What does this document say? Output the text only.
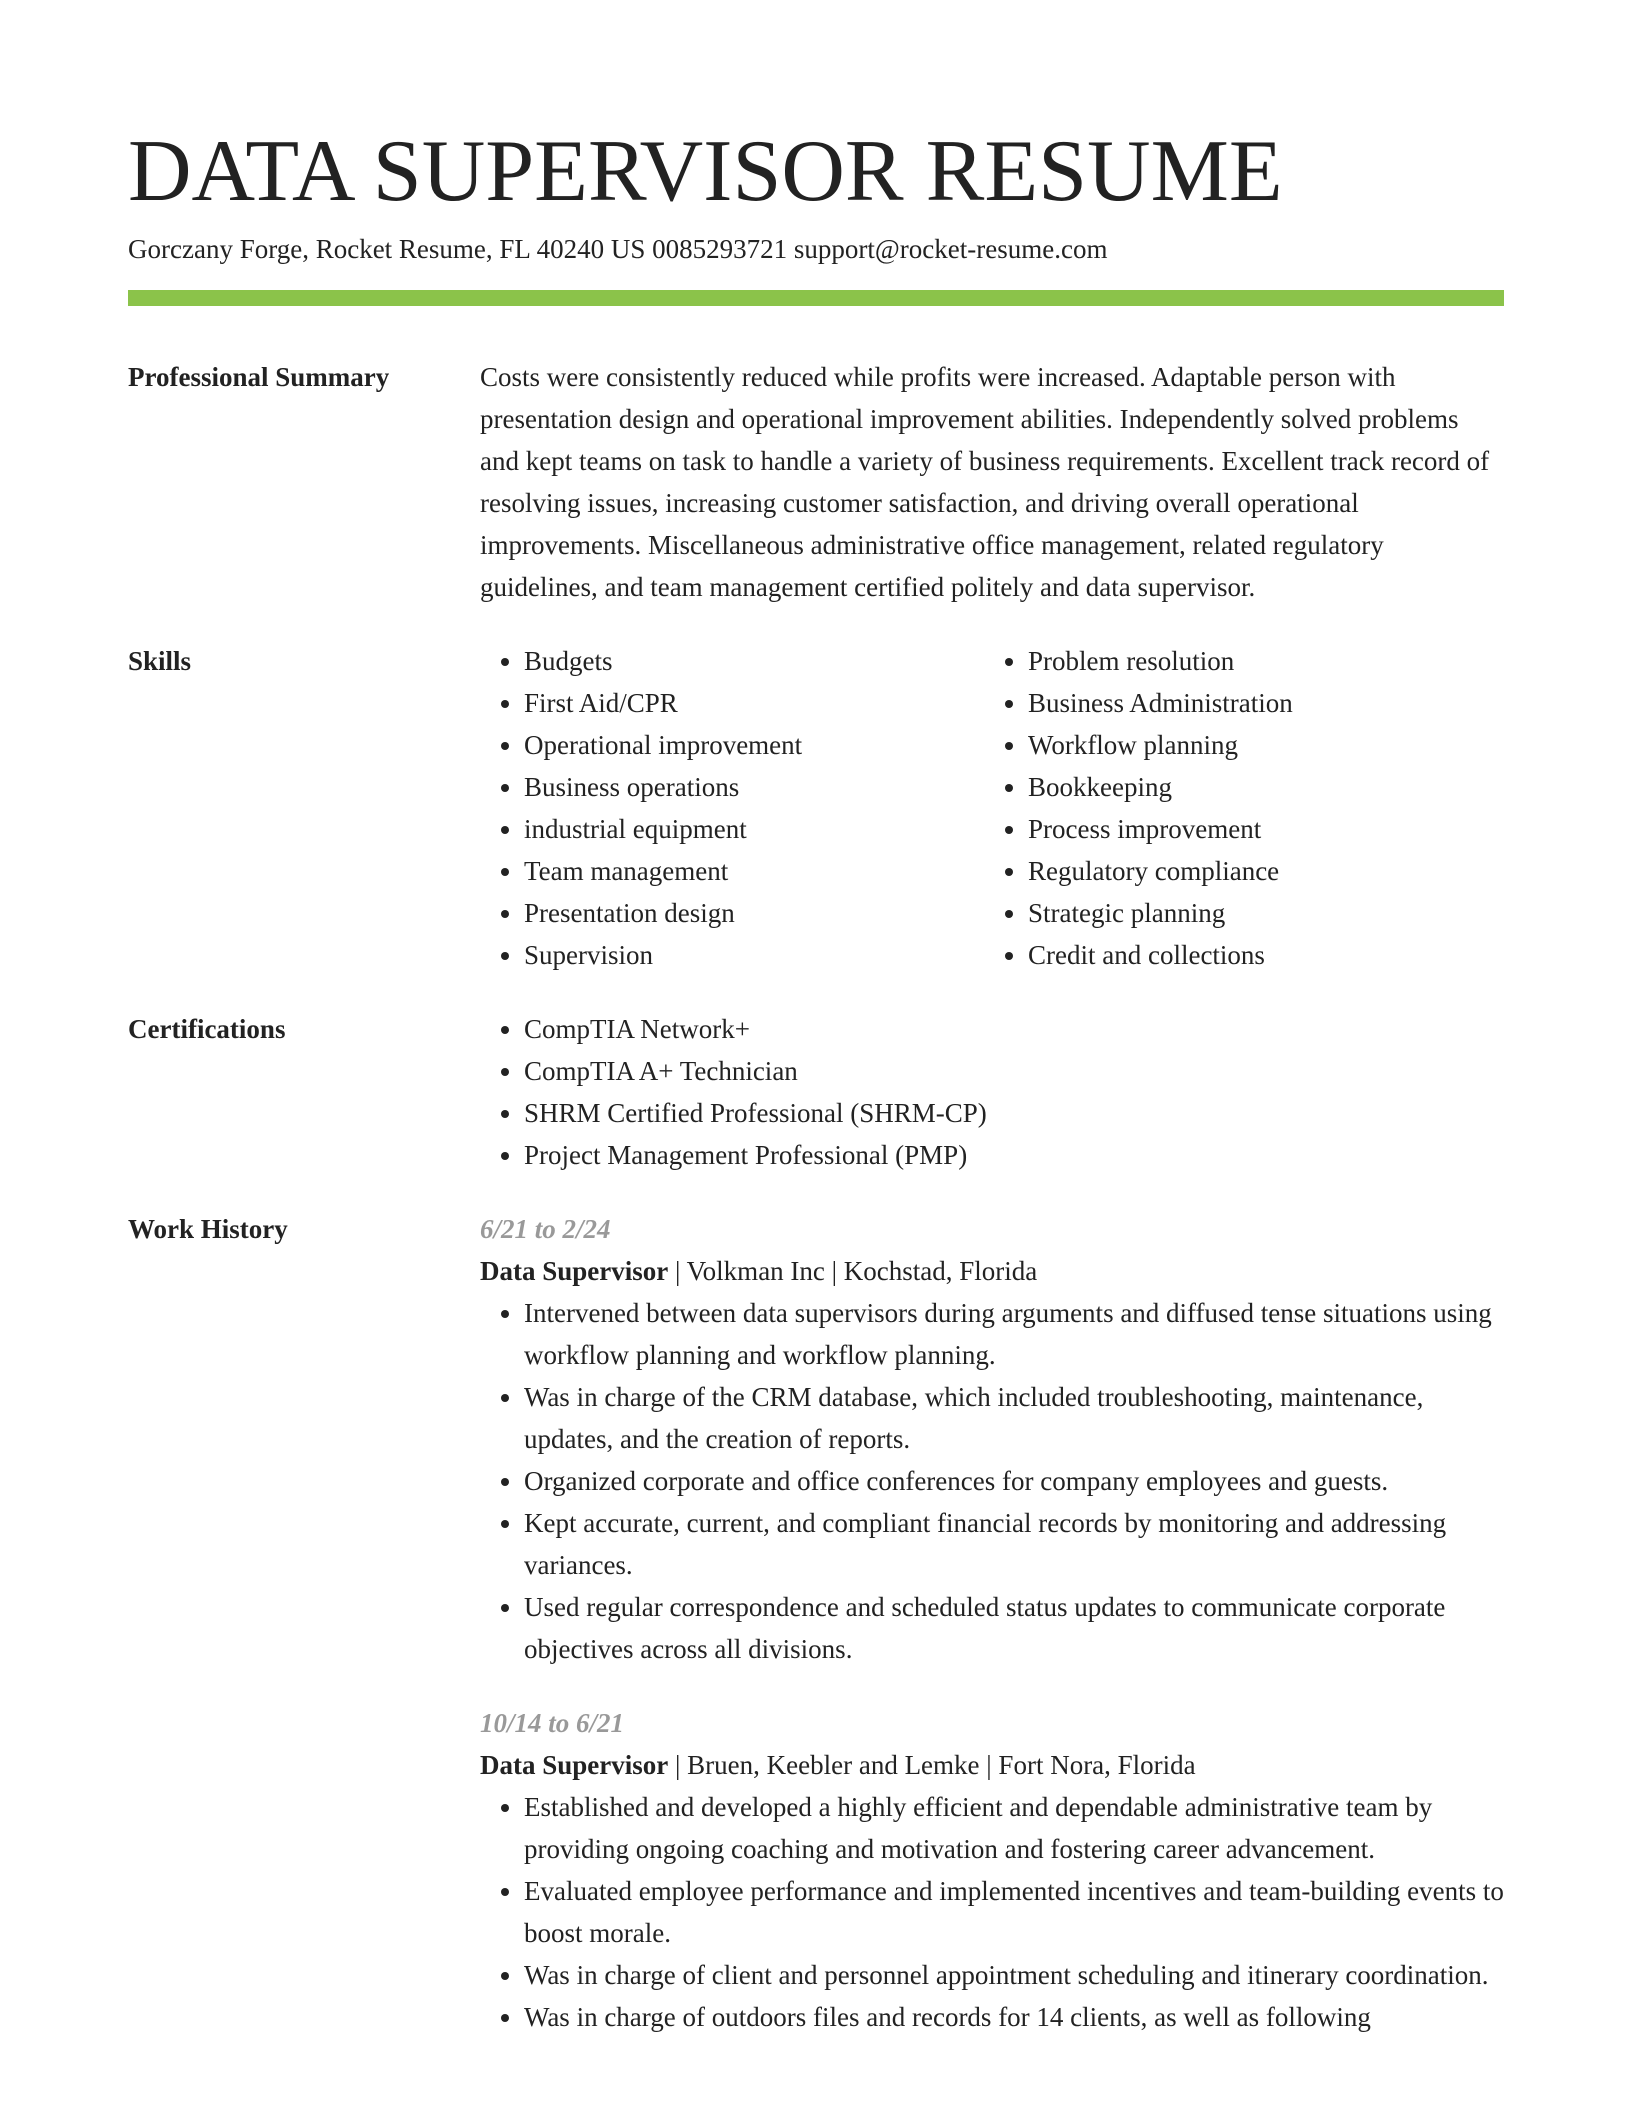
DATA SUPERVISOR RESUME
Gorczany Forge, Rocket Resume, FL 40240 US 0085293721 support@rocket-resume.com
Professional Summary	Costs were consistently reduced while profits were increased. Adaptable person with presentation design and operational improvement abilities. Independently solved problems and kept teams on task to handle a variety of business requirements. Excellent track record of resolving issues, increasing customer satisfaction, and driving overall operational improvements. Miscellaneous administrative office management, related regulatory guidelines, and team management certified politely and data supervisor.
Skills	• Budgets
• First Aid/CPR
• Operational improvement
• Business operations
• industrial equipment
• Team management
• Presentation design
• Supervision
• Problem resolution
• Business Administration
• Workflow planning
• Bookkeeping
• Process improvement
• Regulatory compliance
• Strategic planning
• Credit and collections
Certifications	• CompTIA Network+
• CompTIA A+ Technician
• SHRM Certified Professional (SHRM-CP)
• Project Management Professional (PMP)
Work History	6/21 to 2/24
Data Supervisor | Volkman Inc | Kochstad, Florida
• Intervened between data supervisors during arguments and diffused tense situations using workflow planning and workflow planning.
• Was in charge of the CRM database, which included troubleshooting, maintenance, updates, and the creation of reports.
• Organized corporate and office conferences for company employees and guests.
• Kept accurate, current, and compliant financial records by monitoring and addressing variances.
• Used regular correspondence and scheduled status updates to communicate corporate objectives across all divisions.
10/14 to 6/21
Data Supervisor | Bruen, Keebler and Lemke | Fort Nora, Florida
• Established and developed a highly efficient and dependable administrative team by providing ongoing coaching and motivation and fostering career advancement.
• Evaluated employee performance and implemented incentives and team-building events to boost morale.
• Was in charge of client and personnel appointment scheduling and itinerary coordination.
• Was in charge of outdoors files and records for 14 clients, as well as following
